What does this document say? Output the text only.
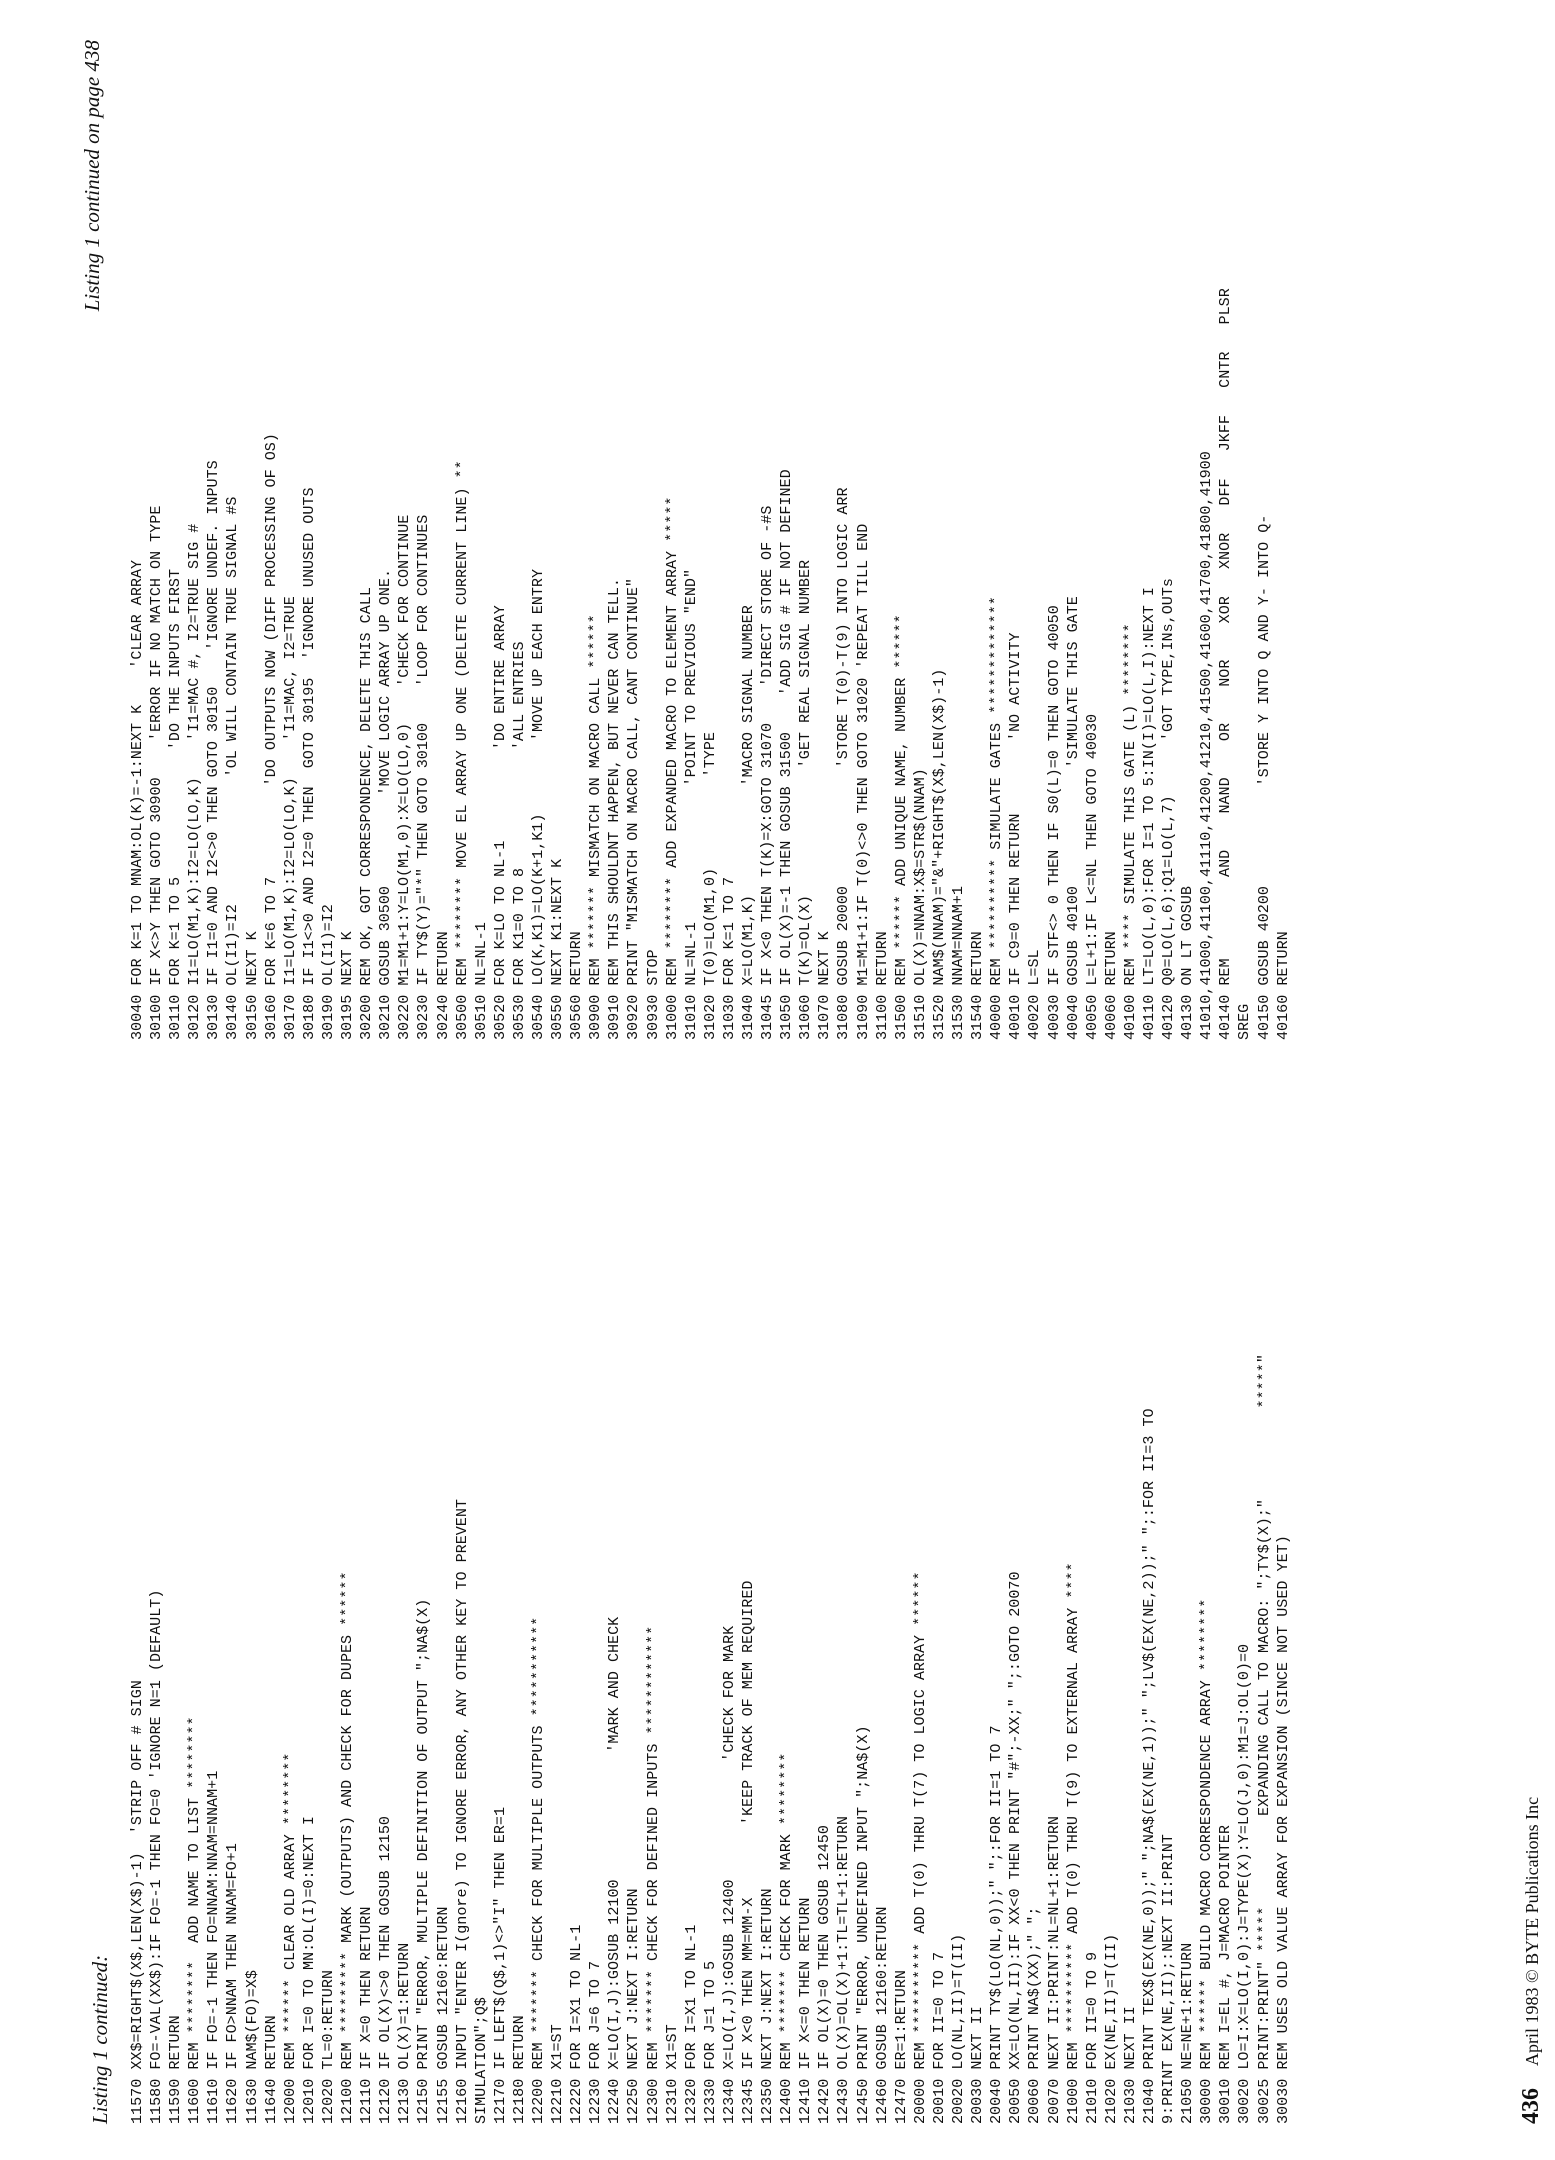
Listing 1 continued: 11570 XX$=RIGHT$(X$,LEN(X$)-1)  'STRIP OFF # SIGN 11580 FO=-VAL(XX$):IF FO=-1 THEN FO=0 'IGNORE N=1 (DEFAULT) 11590 RETURN 11600 REM ********  ADD NAME TO LIST ******** 11610 IF FO=-1 THEN FO=NNAM:NNAM=NNAM+1 11620 IF FO>NNAM THEN NNAM=FO+1 11630 NAM$(FO)=X$ 11640 RETURN 12000 REM ****** CLEAR OLD ARRAY ******** 12010 FOR I=0 TO MN:OL(I)=0:NEXT I 12020 TL=0:RETURN 12100 REM ********* MARK (OUTPUTS) AND CHECK FOR DUPES ****** 12110 IF X=0 THEN RETURN 12120 IF OL(X)<>0 THEN GOSUB 12150 12130 OL(X)=1:RETURN 12150 PRINT "ERROR, MULTIPLE DEFINITION OF OUTPUT ";NA$(X) 12155 GOSUB 12160:RETURN 12160 INPUT "ENTER I(gnore) TO IGNORE ERROR, ANY OTHER KEY TO PREVENT SIMULATION";Q$ 12170 IF LEFT$(Q$,1)<>"I" THEN ER=1 12180 RETURN 12200 REM ******* CHECK FOR MULTIPLE OUTPUTS *********** 12210 X1=ST 12220 FOR I=X1 TO NL-1 12230 FOR J=6 TO 7 12240 X=LO(I,J):GOSUB 12100              'MARK AND CHECK 12250 NEXT J:NEXT I:RETURN 12300 REM ******* CHECK FOR DEFINED INPUTS ************ 12310 X1=ST 12320 FOR I=X1 TO NL-1 12330 FOR J=1 TO 5 12340 X=LO(I,J):GOSUB 12400             'CHECK FOR MARK 12345 IF X<0 THEN MM=MM-X        'KEEP TRACK OF MEM REQUIRED 12350 NEXT J:NEXT I:RETURN 12400 REM ******* CHECK FOR MARK ******** 12410 IF X<=0 THEN RETURN 12420 IF OL(X)=0 THEN GOSUB 12450 12430 OL(X)=OL(X)+1:TL=TL+1:RETURN 12450 PRINT "ERROR, UNDEFINED INPUT ";NA$(X) 12460 GOSUB 12160:RETURN 12470 ER=1:RETURN 20000 REM ********** ADD T(0) THRU T(7) TO LOGIC ARRAY ****** 20010 FOR II=0 TO 7 20020 LO(NL,II)=T(II) 20030 NEXT II 20040 PRINT TY$(LO(NL,0));" ";:FOR II=1 TO 7 20050 XX=LO(NL,II):IF XX<0 THEN PRINT "#";-XX;" ";:GOTO 20070 20060 PRINT NA$(XX);" "; 20070 NEXT II:PRINT:NL=NL+1:RETURN 21000 REM ********** ADD T(0) THRU T(9) TO EXTERNAL ARRAY **** 21010 FOR II=0 TO 9 21020 EX(NE,II)=T(II) 21030 NEXT II 21040 PRINT TEX$(EX(NE,0));" ";NA$(EX(NE,1));" ";LV$(EX(NE,2));" ";:FOR II=3 TO 9:PRINT EX(NE,II);:NEXT II:PRINT 21050 NE=NE+1:RETURN 30000 REM ****** BUILD MACRO CORRESPONDENCE ARRAY ******** 30010 REM I=EL #, J=MACRO POINTER 30020 LO=I:X=LO(I,0):J=TYPE(X):Y=LO(J,0):M1=J:OL(0)=0 30025 PRINT:PRINT" *****          EXPANDING CALL TO MACRO: ";TY$(X);"          *****" 30030 REM USES OLD VALUE ARRAY FOR EXPANSION (SINCE NOT USED YET)
30040 FOR K=1 TO MNAM:OL(K)=-1:NEXT K    'CLEAR ARRAY 30100 IF X<>Y THEN GOTO 30900    'ERROR IF NO MATCH ON TYPE 30110 FOR K=1 TO 5              'DO THE INPUTS FIRST 30120 I1=LO(M1,K):I2=LO(LO,K)    'I1=MAC #, I2=TRUE SIG # 30130 IF I1=0 AND I2<>0 THEN GOTO 30150    'IGNORE UNDEF. INPUTS 30140 OL(I1)=I2              'OL WILL CONTAIN TRUE SIGNAL #S 30150 NEXT K 30160 FOR K=6 TO 7          'DO OUTPUTS NOW (DIFF PROCESSING OF OS) 30170 I1=LO(M1,K):I2=LO(LO,K)    'I1=MAC, I2=TRUE 30180 IF I1<>0 AND I2=0 THEN  GOTO 30195  'IGNORE UNUSED OUTS 30190 OL(I1)=I2 30195 NEXT K 30200 REM OK, GOT CORRESPONDENCE, DELETE THIS CALL 30210 GOSUB 30500          'MOVE LOGIC ARRAY UP ONE. 30220 M1=M1+1:Y=LO(M1,0):X=LO(LO,0)    'CHECK FOR CONTINUE 30230 IF TY$(Y)="*" THEN GOTO 30100    'LOOP FOR CONTINUES 30240 RETURN 30500 REM ******** MOVE EL ARRAY UP ONE (DELETE CURRENT LINE) ** 30510 NL=NL-1 30520 FOR K=LO TO NL-1          'DO ENTIRE ARRAY 30530 FOR K1=0 TO 8             'ALL ENTRIES 30540 LO(K,K1)=LO(K+1,K1)        'MOVE UP EACH ENTRY 30550 NEXT K1:NEXT K 30560 RETURN 30900 REM ******* MISMATCH ON MACRO CALL ****** 30910 REM THIS SHOULDNT HAPPEN, BUT NEVER CAN TELL. 30920 PRINT "MISMATCH ON MACRO CALL, CANT CONTINUE" 30930 STOP 31000 REM ******** ADD EXPANDED MACRO TO ELEMENT ARRAY ***** 31010 NL=NL-1               'POINT TO PREVIOUS "END" 31020 T(0)=LO(M1,0)          'TYPE 31030 FOR K=1 TO 7 31040 X=LO(M1,K)            'MACRO SIGNAL NUMBER 31045 IF X<0 THEN T(K)=X:GOTO 31070    'DIRECT STORE OF -#S 31050 IF OL(X)=-1 THEN GOSUB 31500    'ADD SIG # IF NOT DEFINED 31060 T(K)=OL(X)              'GET REAL SIGNAL NUMBER 31070 NEXT K 31080 GOSUB 20000             'STORE T(0)-T(9) INTO LOGIC ARR 31090 M1=M1+1:IF T(0)<>0 THEN GOTO 31020 'REPEAT TILL END 31100 RETURN 31500 REM ****** ADD UNIQUE NAME, NUMBER ****** 31510 OL(X)=NNAM:X$=STR$(NNAM) 31520 NAM$(NNAM)="&"+RIGHT$(X$,LEN(X$)-1) 31530 NNAM=NNAM+1 31540 RETURN 40000 REM ********** SIMULATE GATES ************* 40010 IF C9=0 THEN RETURN        'NO ACTIVITY 40020 L=SL 40030 IF STF<> 0 THEN IF S0(L)=0 THEN GOTO 40050 40040 GOSUB 40100             'SIMULATE THIS GATE 40050 L=L+1:IF L<=NL THEN GOTO 40030 40060 RETURN 40100 REM **** SIMULATE THIS GATE (L) ******** 40110 LT=LO(L,0):FOR I=1 TO 5:IN(I)=LO(L,I):NEXT I 40120 Q0=LO(L,6):Q1=LO(L,7)      'GOT TYPE,INs,OUTs 40130 ON LT GOSUB 41010,41000,41100,41110,41200,41210,41500,41600,41700,41800,41900 40140 REM         AND    NAND    OR    NOR    XOR   XNOR   DFF   JKFF   CNTR   PLSR SREG 40150 GOSUB 40200           'STORE Y INTO Q AND Y- INTO Q- 40160 RETURN
436 April 1983 © BYTE Publications Inc
Listing 1 continued on page 438
